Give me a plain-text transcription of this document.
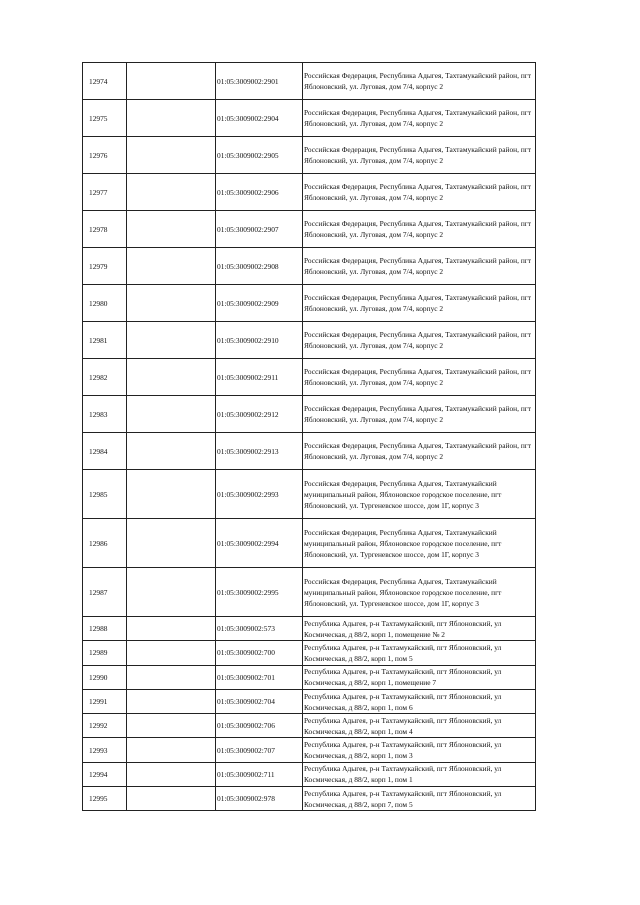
12974		01:05:3009002:2901	Российская Федерация, Республика Адыгея, Тахтамукайский район, пгт Яблоновский, ул. Луговая, дом 7/4, корпус 2
12975		01:05:3009002:2904	Российская Федерация, Республика Адыгея, Тахтамукайский район, пгт Яблоновский, ул. Луговая, дом 7/4, корпус 2
12976		01:05:3009002:2905	Российская Федерация, Республика Адыгея, Тахтамукайский район, пгт Яблоновский, ул. Луговая, дом 7/4, корпус 2
12977		01:05:3009002:2906	Российская Федерация, Республика Адыгея, Тахтамукайский район, пгт Яблоновский, ул. Луговая, дом 7/4, корпус 2
12978		01:05:3009002:2907	Российская Федерация, Республика Адыгея, Тахтамукайский район, пгт Яблоновский, ул. Луговая, дом 7/4, корпус 2
12979		01:05:3009002:2908	Российская Федерация, Республика Адыгея, Тахтамукайский район, пгт Яблоновский, ул. Луговая, дом 7/4, корпус 2
12980		01:05:3009002:2909	Российская Федерация, Республика Адыгея, Тахтамукайский район, пгт Яблоновский, ул. Луговая, дом 7/4, корпус 2
12981		01:05:3009002:2910	Российская Федерация, Республика Адыгея, Тахтамукайский район, пгт Яблоновский, ул. Луговая, дом 7/4, корпус 2
12982		01:05:3009002:2911	Российская Федерация, Республика Адыгея, Тахтамукайский район, пгт Яблоновский, ул. Луговая, дом 7/4, корпус 2
12983		01:05:3009002:2912	Российская Федерация, Республика Адыгея, Тахтамукайский район, пгт Яблоновский, ул. Луговая, дом 7/4, корпус 2
12984		01:05:3009002:2913	Российская Федерация, Республика Адыгея, Тахтамукайский район, пгт Яблоновский, ул. Луговая, дом 7/4, корпус 2
12985		01:05:3009002:2993	Российская Федерация, Республика Адыгея, Тахтамукайский муниципальный район, Яблоновское городское поселение, пгт Яблоновский, ул. Тургеневское шоссе, дом 1Г, корпус 3
12986		01:05:3009002:2994	Российская Федерация, Республика Адыгея, Тахтамукайский муниципальный район, Яблоновское городское поселение, пгт Яблоновский, ул. Тургеневское шоссе, дом 1Г, корпус 3
12987		01:05:3009002:2995	Российская Федерация, Республика Адыгея, Тахтамукайский муниципальный район, Яблоновское городское поселение, пгт Яблоновский, ул. Тургеневское шоссе, дом 1Г, корпус 3
12988		01:05:3009002:573	Республика Адыгея, р-н Тахтамукайский, пгт Яблоновский, ул Космическая, д 88/2, корп 1, помещение № 2
12989		01:05:3009002:700	Республика Адыгея, р-н Тахтамукайский, пгт Яблоновский, ул Космическая, д 88/2, корп 1, пом 5
12990		01:05:3009002:701	Республика Адыгея, р-н Тахтамукайский, пгт Яблоновский, ул Космическая, д 88/2, корп 1, помещение 7
12991		01:05:3009002:704	Республика Адыгея, р-н Тахтамукайский, пгт Яблоновский, ул Космическая, д 88/2, корп 1, пом 6
12992		01:05:3009002:706	Республика Адыгея, р-н Тахтамукайский, пгт Яблоновский, ул Космическая, д 88/2, корп 1, пом 4
12993		01:05:3009002:707	Республика Адыгея, р-н Тахтамукайский, пгт Яблоновский, ул Космическая, д 88/2, корп 1, пом 3
12994		01:05:3009002:711	Республика Адыгея, р-н Тахтамукайский, пгт Яблоновский, ул Космическая, д 88/2, корп 1, пом 1
12995		01:05:3009002:978	Республика Адыгея, р-н Тахтамукайский, пгт Яблоновский, ул Космическая, д 88/2, корп 7, пом 5
